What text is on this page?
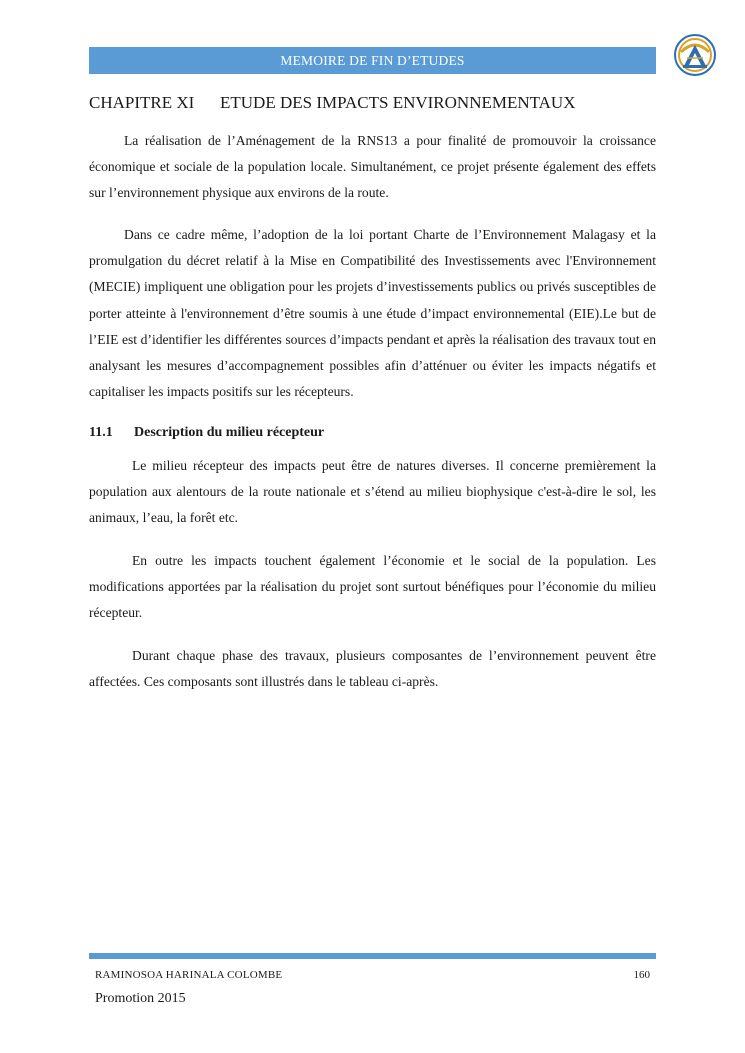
MEMOIRE DE FIN D’ETUDES
CHAPITRE XI ETUDE DES IMPACTS ENVIRONNEMENTAUX

La réalisation de l’Aménagement de la RNS13 a pour finalité de promouvoir la croissance économique et sociale de la population locale. Simultanément, ce projet présente également des effets sur l’environnement physique aux environs de la route.

Dans ce cadre même, l’adoption de la loi portant Charte de l’Environnement Malagasy et la promulgation du décret relatif à la Mise en Compatibilité des Investissements avec l'Environnement (MECIE) impliquent une obligation pour les projets d’investissements publics ou privés susceptibles de porter atteinte à l'environnement d’être soumis à une étude d’impact environnemental (EIE).Le but de l’EIE est d’identifier les différentes sources d’impacts pendant et après la réalisation des travaux tout en analysant les mesures d’accompagnement possibles afin d’atténuer ou éviter les impacts négatifs et capitaliser les impacts positifs sur les récepteurs.

11.1 Description du milieu récepteur

Le milieu récepteur des impacts peut être de natures diverses. Il concerne premièrement la population aux alentours de la route nationale et s’étend au milieu biophysique c'est-à-dire le sol, les animaux, l’eau, la forêt etc.

En outre les impacts touchent également l’économie et le social de la population. Les modifications apportées par la réalisation du projet sont surtout bénéfiques pour l’économie du milieu récepteur.

Durant chaque phase des travaux, plusieurs composantes de l’environnement peuvent être affectées. Ces composants sont illustrés dans le tableau ci-après.

RAMINOSOA HARINALA COLOMBE	160
Promotion 2015
